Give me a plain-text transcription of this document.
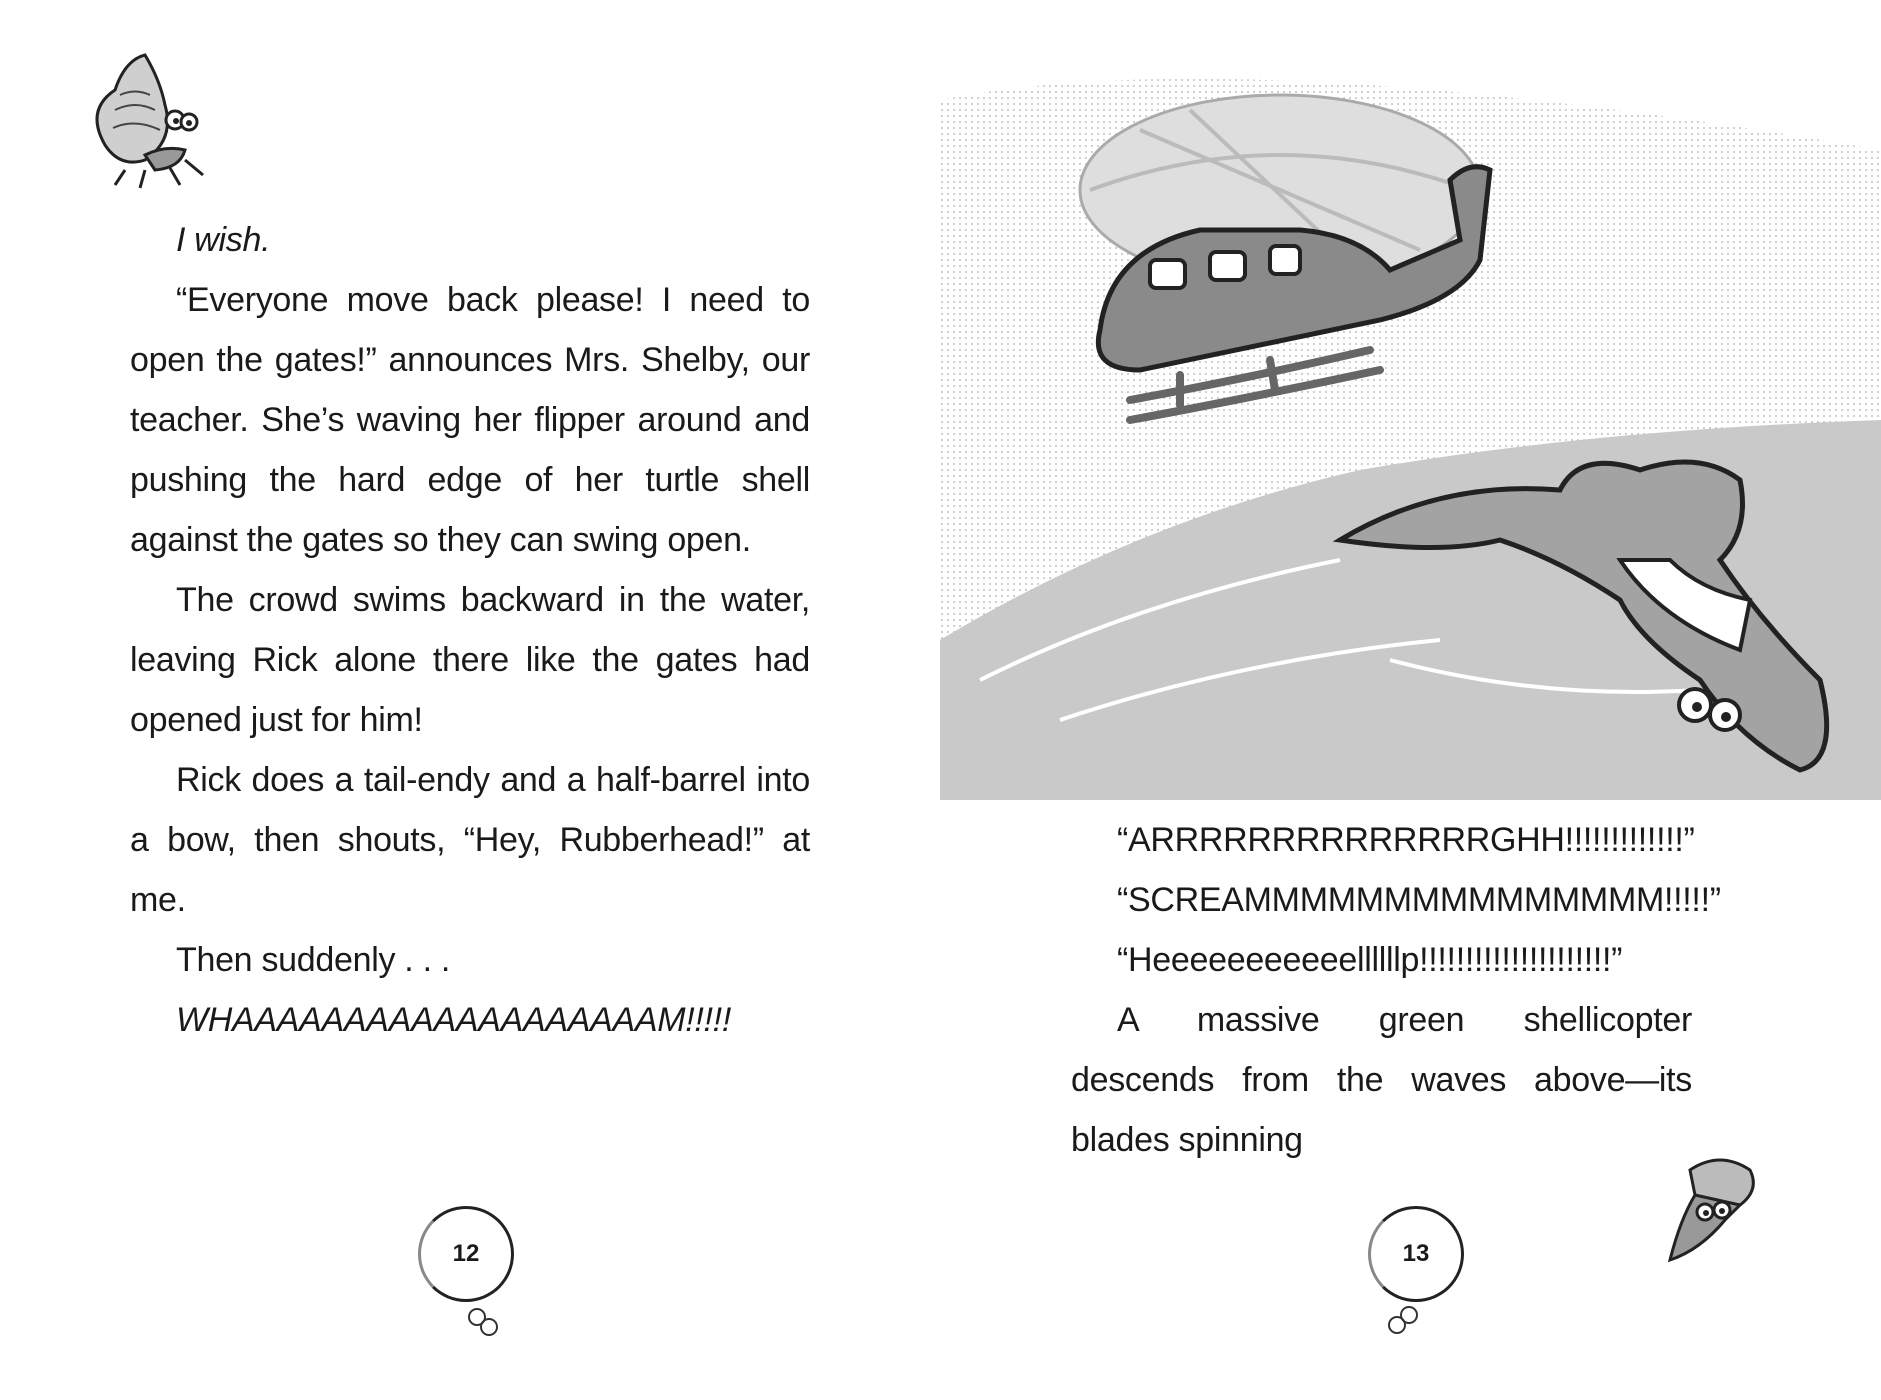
I wish.

“Everyone move back please! I need to open the gates!” announces Mrs. Shelby, our teacher. She’s waving her flipper around and pushing the hard edge of her turtle shell against the gates so they can swing open.

The crowd swims backward in the water, leaving Rick alone there like the gates had opened just for him!

Rick does a tail-endy and a half-barrel into a bow, then shouts, “Hey, Rubberhead!” at me.

Then suddenly . . .

WHAAAAAAAAAAAAAAAAAAAM!!!!!

12

“ARRRRRRRRRRRRRRGHH!!!!!!!!!!!!!”

“SCREAMMMMMMMMMMMMMMM!!!!!”

“Heeeeeeeeeeellllllp!!!!!!!!!!!!!!!!!!!!!”

A massive green shellicopter descends from the waves above—its blades spinning

13
